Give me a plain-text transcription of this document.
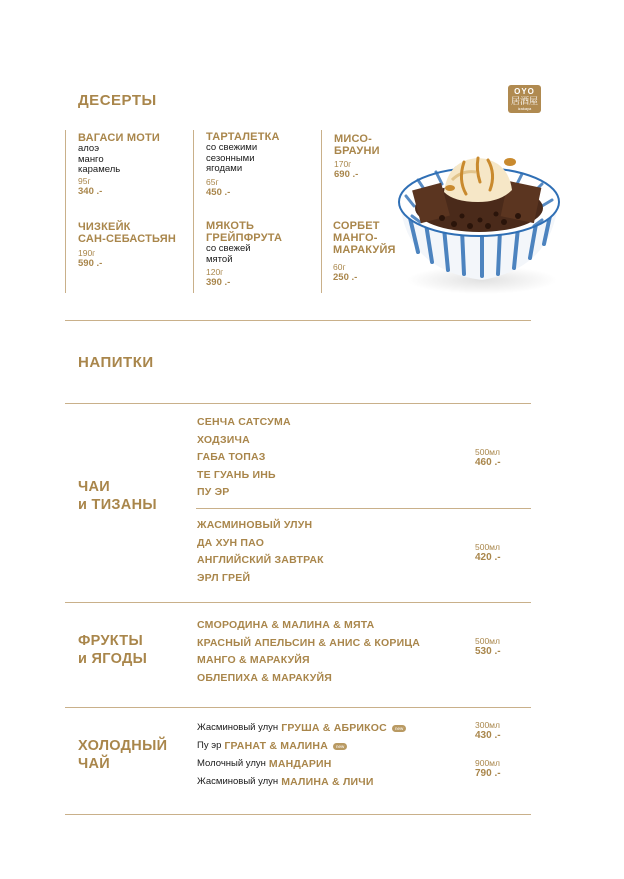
ДЕСЕРТЫ
OYO
居酒屋
izakaya
ВАГАСИ МОТИ
алоэ
манго
карамель
95г
340 .-
ЧИЗКЕЙК
САН-СЕБАСТЬЯН
190г
590 .-
ТАРТАЛЕТКА
со свежими
сезонными
ягодами
65г
450 .-
МЯКОТЬ
ГРЕЙПФРУТА
со свежей
мятой
120г
390 .-
МИСО-
БРАУНИ
170г
690 .-
СОРБЕТ
МАНГО-
МАРАКУЙЯ
60г
250 .-
НАПИТКИ
ЧАИ
и ТИЗАНЫ
СЕНЧА САТСУМА
ХОДЗИЧА
ГАБА ТОПАЗ
ТЕ ГУАНЬ ИНЬ
ПУ ЭР
500мл
460 .-
ЖАСМИНОВЫЙ УЛУН
ДА ХУН ПАО
АНГЛИЙСКИЙ ЗАВТРАК
ЭРЛ ГРЕЙ
500мл
420 .-
ФРУКТЫ
и ЯГОДЫ
СМОРОДИНА & МАЛИНА & МЯТА
КРАСНЫЙ АПЕЛЬСИН & АНИС & КОРИЦА
МАНГО & МАРАКУЙЯ
ОБЛЕПИХА & МАРАКУЙЯ
500мл
530 .-
ХОЛОДНЫЙ
ЧАЙ
Жасминовый улун ГРУША & АБРИКОС	new
Пу эр ГРАНАТ & МАЛИНА	new
Молочный улун МАНДАРИН
Жасминовый улун МАЛИНА & ЛИЧИ
300мл
430 .-
900мл
790 .-
